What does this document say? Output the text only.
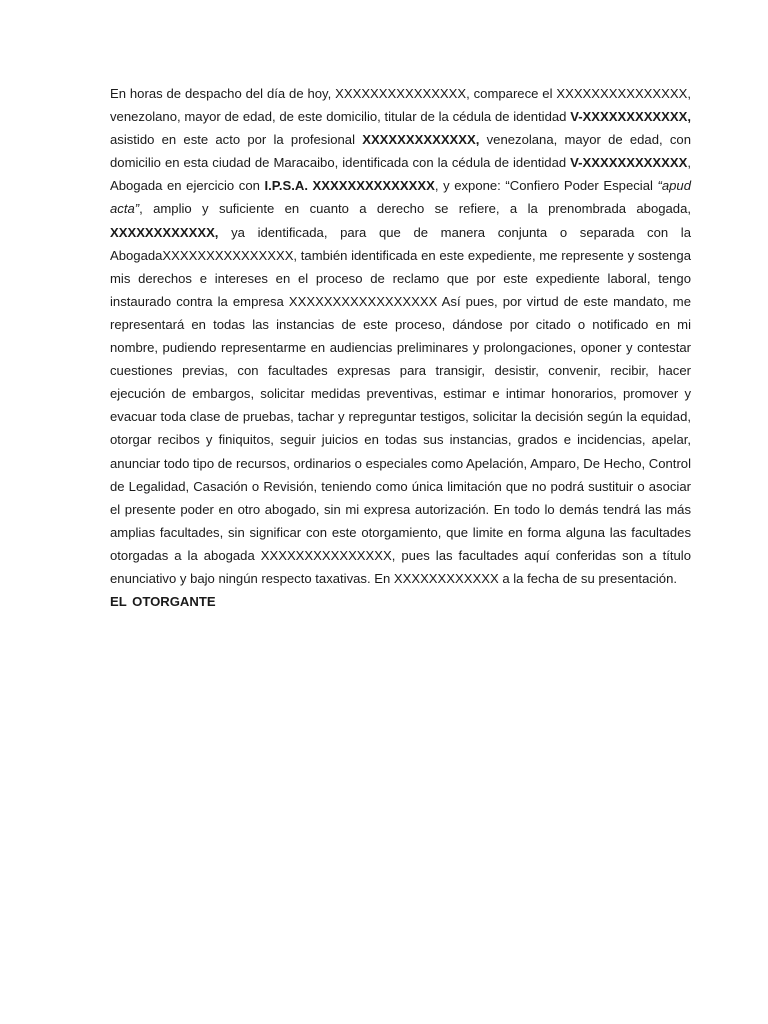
En horas de despacho del día de hoy, XXXXXXXXXXXXXXX, comparece el XXXXXXXXXXXXXXX, venezolano, mayor de edad, de este domicilio, titular de la cédula de identidad V-XXXXXXXXXXXX, asistido en este acto por la profesional XXXXXXXXXXXXX, venezolana, mayor de edad, con domicilio en esta ciudad de Maracaibo, identificada con la cédula de identidad V-XXXXXXXXXXXX, Abogada en ejercicio con I.P.S.A. XXXXXXXXXXXXXX, y expone: “Confiero Poder Especial “apud acta”, amplio y suficiente en cuanto a derecho se refiere, a la prenombrada abogada, XXXXXXXXXXXX, ya identificada, para que de manera conjunta o separada con la AbogadaXXXXXXXXXXXXXXX, también identificada en este expediente, me represente y sostenga mis derechos e intereses en el proceso de reclamo que por este expediente laboral, tengo instaurado contra la empresa XXXXXXXXXXXXXXXXX Así pues, por virtud de este mandato, me representará en todas las instancias de este proceso, dándose por citado o notificado en mi nombre, pudiendo representarme en audiencias preliminares y prolongaciones, oponer y contestar cuestiones previas, con facultades expresas para transigir, desistir, convenir, recibir, hacer ejecución de embargos, solicitar medidas preventivas, estimar e intimar honorarios, promover y evacuar toda clase de pruebas, tachar y repreguntar testigos, solicitar la decisión según la equidad, otorgar recibos y finiquitos, seguir juicios en todas sus instancias, grados e incidencias, apelar, anunciar todo tipo de recursos, ordinarios o especiales como Apelación, Amparo, De Hecho, Control de Legalidad, Casación o Revisión, teniendo como única limitación que no podrá sustituir o asociar el presente poder en otro abogado, sin mi expresa autorización. En todo lo demás tendrá las más amplias facultades, sin significar con este otorgamiento, que limite en forma alguna las facultades otorgadas a la abogada XXXXXXXXXXXXXXX, pues las facultades aquí conferidas son a título enunciativo y bajo ningún respecto taxativas. En XXXXXXXXXXXX a la fecha de su presentación.

EL OTORGANTE
